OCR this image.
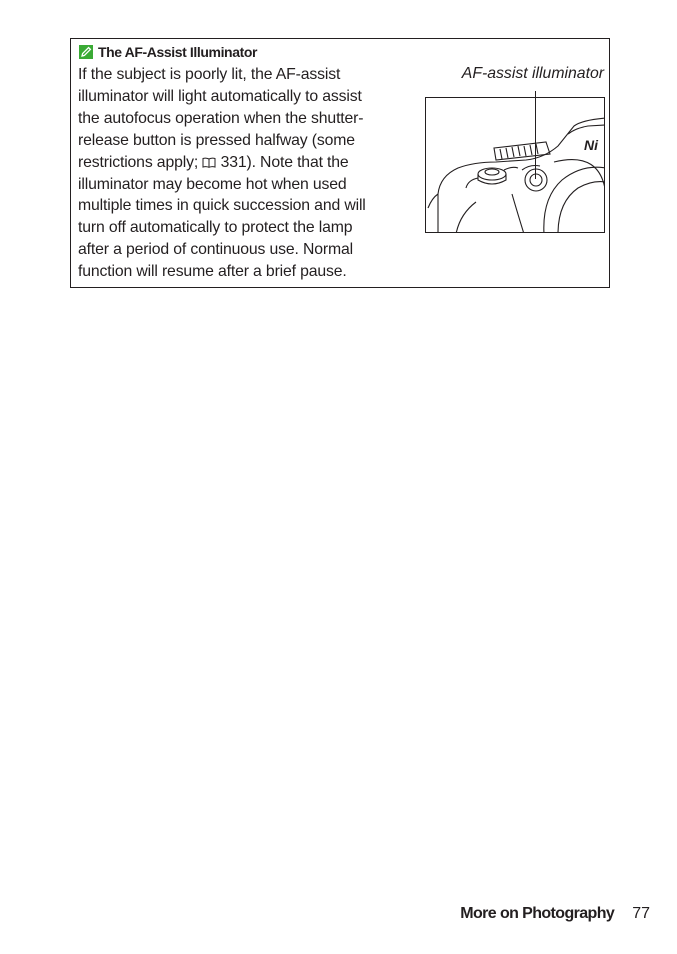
The AF-Assist Illuminator
If the subject is poorly lit, the AF-assist
illuminator will light automatically to assist
the autofocus operation when the shutter-
release button is pressed halfway (some
restrictions apply; 331). Note that the
illuminator may become hot when used
multiple times in quick succession and will
turn off automatically to protect the lamp
after a period of continuous use. Normal
function will resume after a brief pause.
AF-assist illuminator
Ni
More on Photography 77
